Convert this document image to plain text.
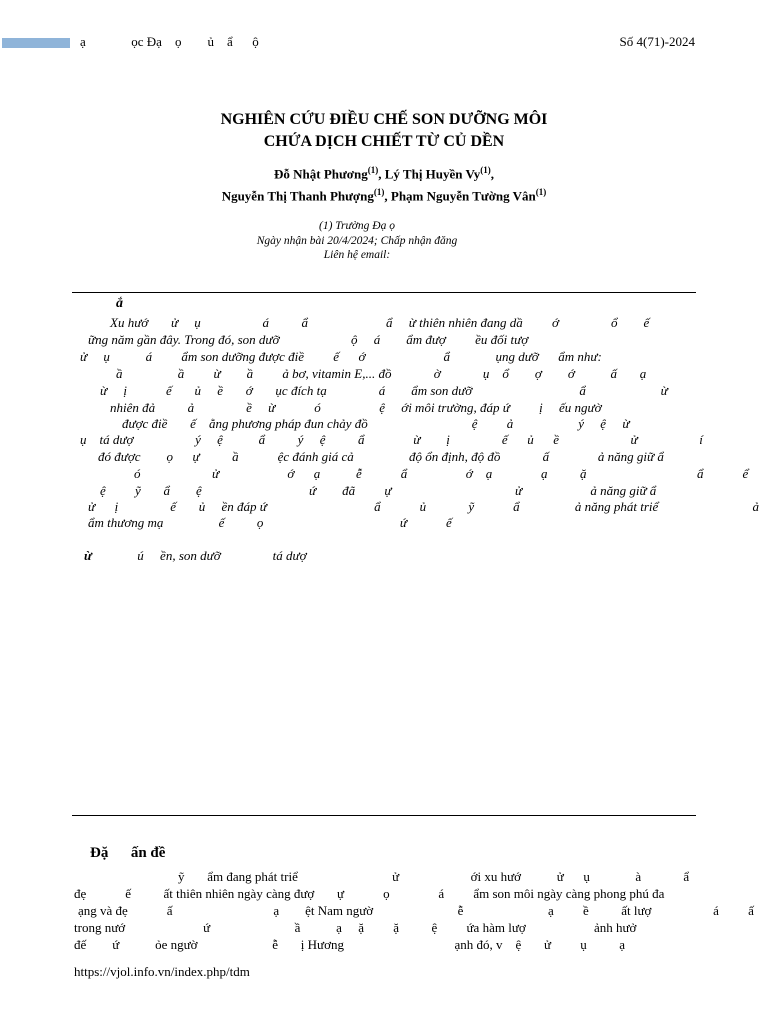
ạ              ọc Đạ    ọ        ủ    ẩ      ộ	Số 4(71)-2024
NGHIÊN CỨU ĐIỀU CHẾ SON DƯỠNG MÔI
CHỨA DỊCH CHIẾT TỪ CỦ DỀN
Đỗ Nhật Phương$^{(1)}$, Lý Thị Huyền Vy$^{(1)}$,
Nguyễn Thị Thanh Phượng$^{(1)}$, Phạm Nguyễn Tường Vân$^{(1)}$
(1) Trường Đạ ọ
Ngày nhận bài 20/4/2024; Chấp nhận đăng
Liên hệ email:
ắ
Xu hướ       ử     ụ                   á          ẩ                        ẩ     ừ thiên nhiên đang dầ         ớ                ổ        ế
ững năm gần đây. Trong đó, son dưỡ                      ộ     á        ẩm đượ         ều đối tượ
ử     ụ           á         ẩm son dưỡng được điề         ế      ớ                        ẩ              ụng dưỡ      ẩm như:
ầ                 ầ         ừ        ầ         ả bơ, vitamin E,... đồ             ờ             ụ    ổ        ợ        ớ           ấ       ạ
ừ     ị            ế       ủ     ề       ớ       ục đích tạ                á        ẩm son dưỡ                                 ẩ                       ừ
nhiên đả          ả                ề     ừ            ó                  ệ     ới môi trường, đáp ứ         ị     ếu ngườ
được điề       ế    ằng phương pháp đun chảy đồ                                ệ         ả                    ý     ệ     ừ
ụ    tá dượ                   ý     ệ           ẩ          ý     ệ          ẩ               ừ        ị                ế      ủ      ề                      ử                   í
đó được        ọ      ự          ầ            ệc đánh giá cả                 độ ổn định, độ đồ             ấ               ả năng giữ ẩ
ó                      ử                     ớ      ạ           ễ            ẩ                  ớ    ạ               ạ          ặ                                  ẩ            ể
ệ         ỹ       ẩ        ệ                                 ứ        đã         ự                                      ử                     ả năng giữ ẩ
ử      ị                ế       ủ     ền đáp ứ                                 ẩ            ủ             ỹ            ẩ                 ả năng phát triể                             ả
ẩm thương mạ                 ế          ọ                                          ứ            ế
ừ	ú     ền, son dưỡ                tá dượ
Đặ      ấn đề
ỹ       ẩm đang phát triể                             ử                      ới xu hướ           ử      ụ              à             ẩ
đẹ            ế          ất thiên nhiên ngày càng đượ       ự            ọ               á         ẩm son môi ngày càng phong phú đa
ạng và đẹ            ấ                               ạ        ệt Nam ngườ                          ễ                          ạ         ề          ất lượ                   á         ấ
trong nướ                        ứ                          ầ           ạ     ặ         ặ          ệ         ứa hàm lượ                     ảnh hưở
đế        ứ           ỏe ngườ                       ễ       ị Hương                                  ạnh đó, v    ệ       ử         ụ          ạ
https://vjol.info.vn/index.php/tdm
